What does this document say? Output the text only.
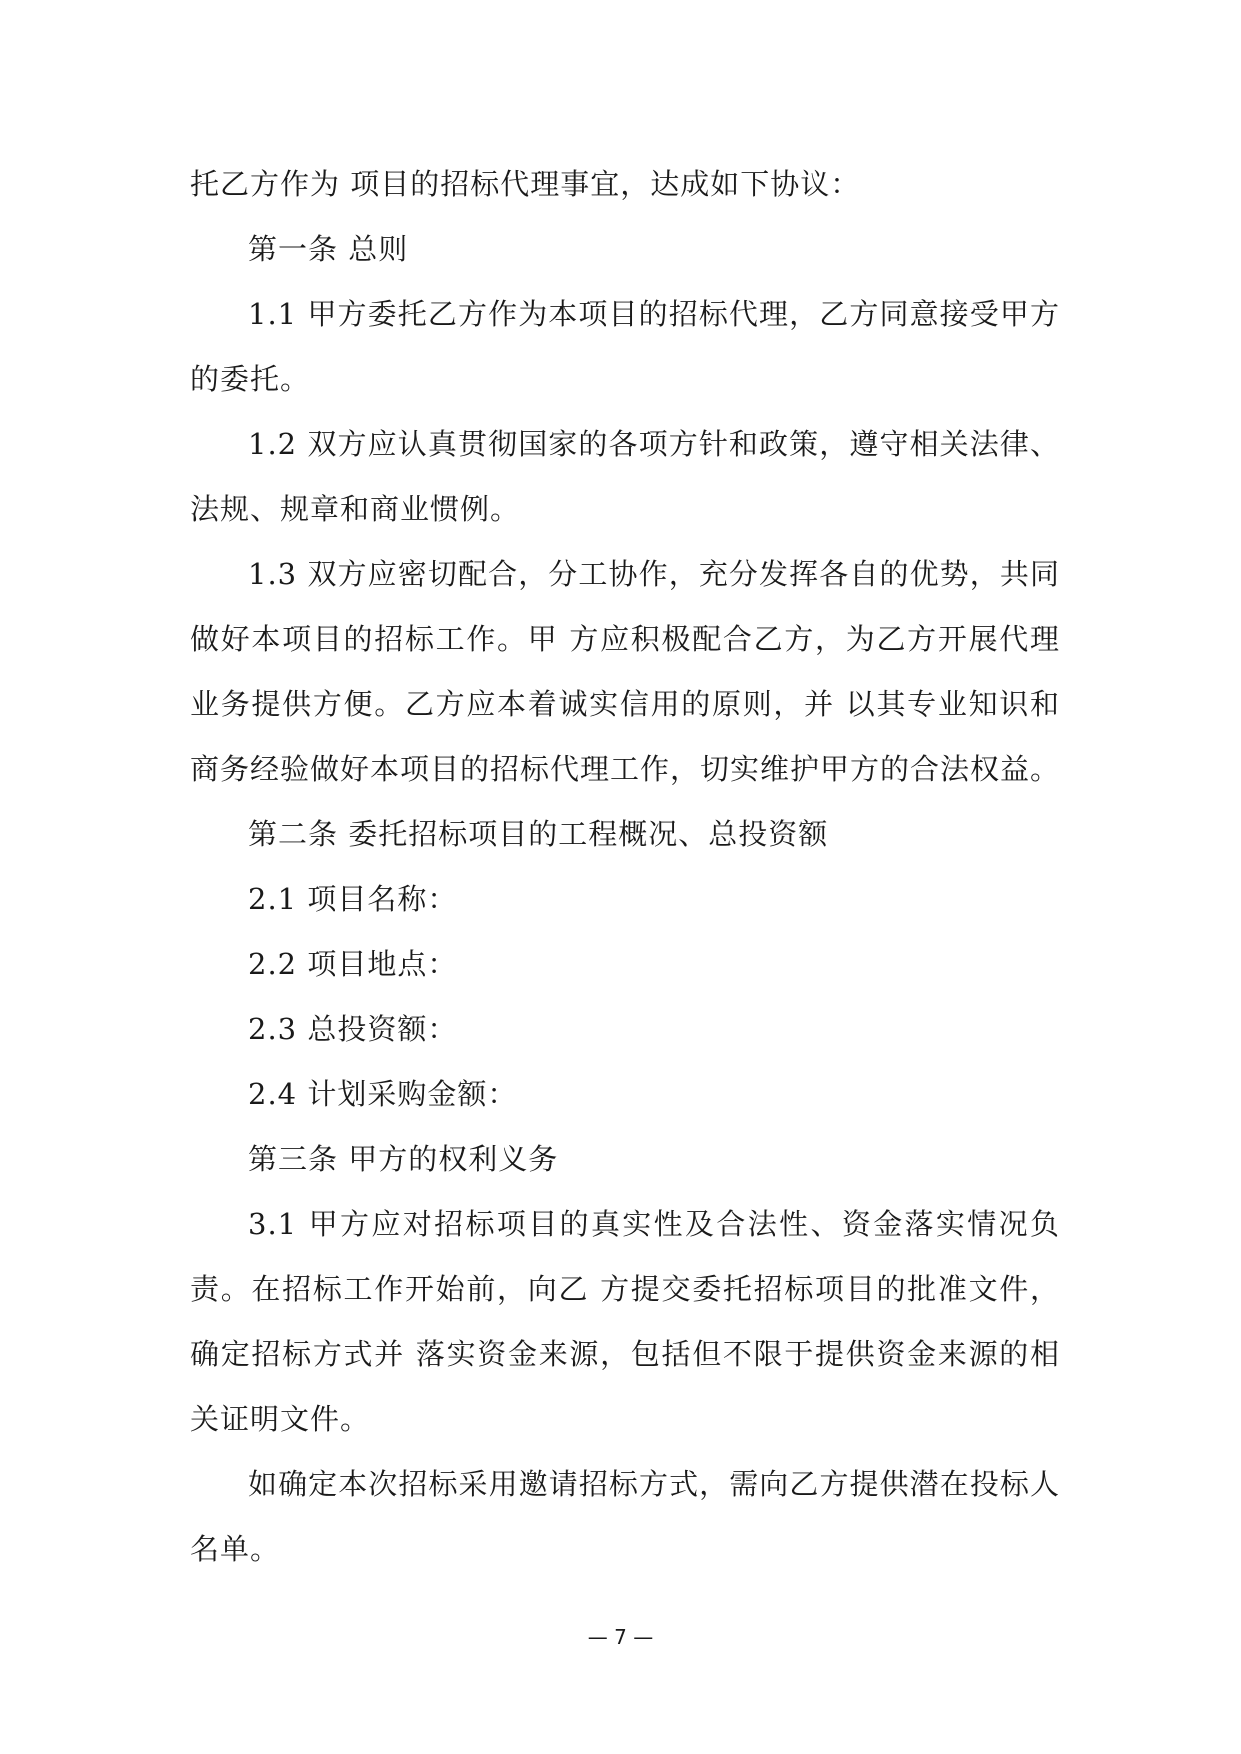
托乙方作为 项目的招标代理事宜，达成如下协议：

第一条 总则

1.1 甲方委托乙方作为本项目的招标代理，乙方同意接受甲方的委托。

1.2 双方应认真贯彻国家的各项方针和政策，遵守相关法律、法规、规章和商业惯例。

1.3 双方应密切配合，分工协作，充分发挥各自的优势，共同做好本项目的招标工作。甲 方应积极配合乙方，为乙方开展代理业务提供方便。乙方应本着诚实信用的原则，并 以其专业知识和商务经验做好本项目的招标代理工作，切实维护甲方的合法权益。

第二条 委托招标项目的工程概况、总投资额

2.1 项目名称：

2.2 项目地点：

2.3 总投资额：

2.4 计划采购金额：

第三条 甲方的权利义务

3.1 甲方应对招标项目的真实性及合法性、资金落实情况负责。在招标工作开始前，向乙 方提交委托招标项目的批准文件，确定招标方式并 落实资金来源，包括但不限于提供资金来源的相关证明文件。

如确定本次招标采用邀请招标方式，需向乙方提供潜在投标人名单。

— 7 —
